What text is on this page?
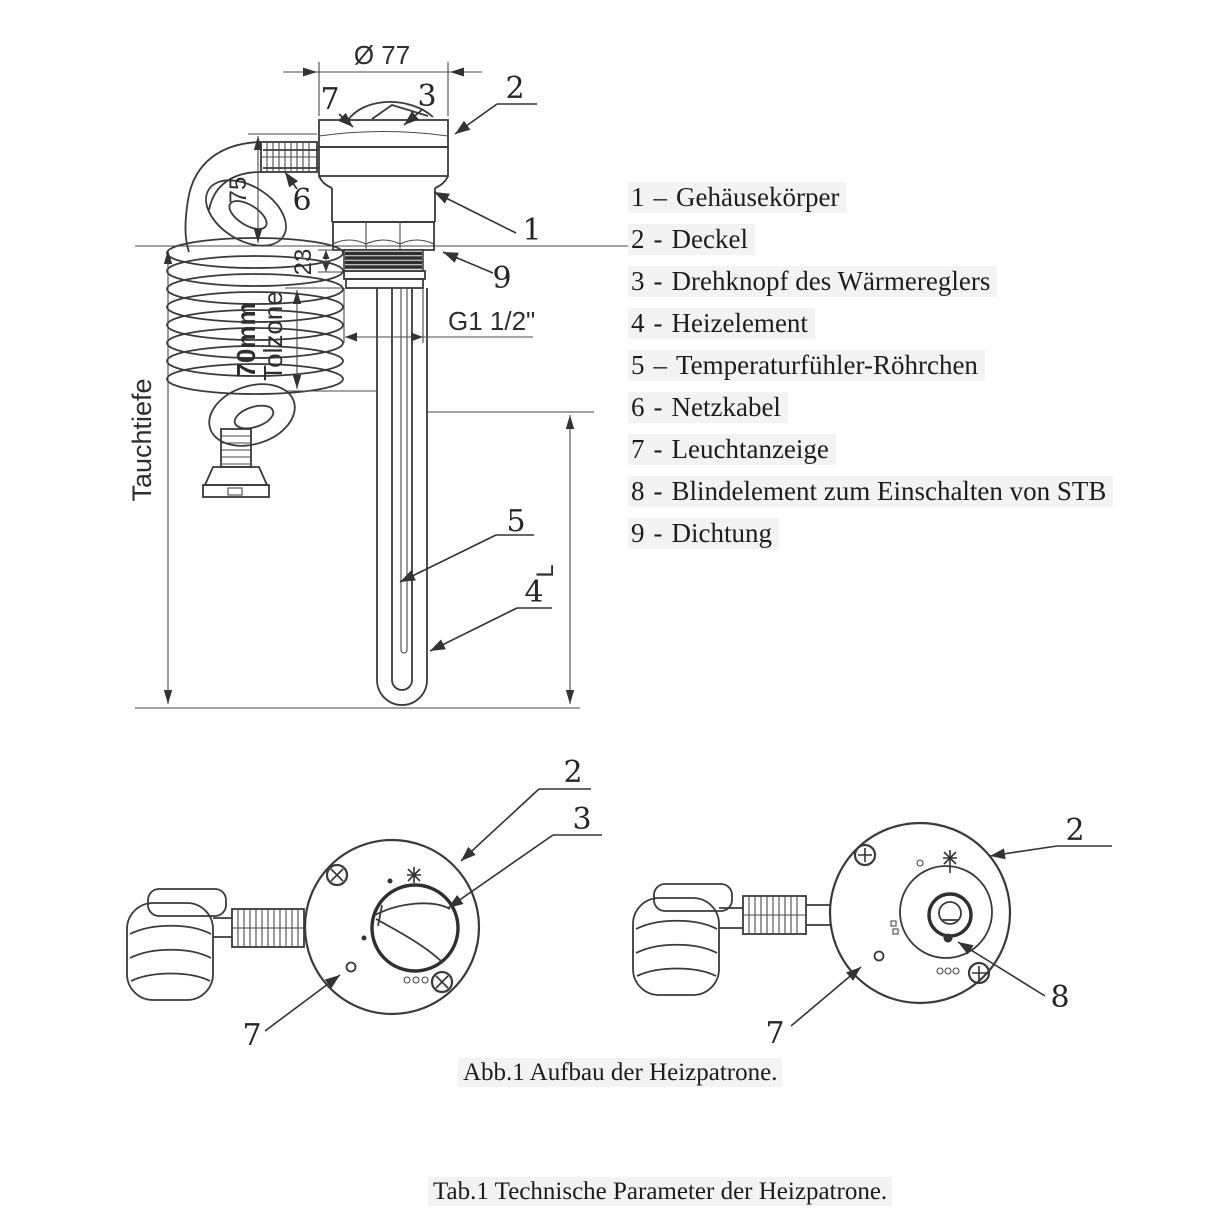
Ø 77
75
Tauchtiefe
70mm
Tolzone
23
G1 1/2"
L
7	3 2
6
1
9
5
4
2
3
7
2
8
7
1 – Gehäusekörper
2 - Deckel
3 - Drehknopf des Wärmereglers
4 - Heizelement
5 – Temperaturfühler-Röhrchen
6 - Netzkabel
7 - Leuchtanzeige
8 - Blindelement zum Einschalten von STB
9 - Dichtung
Abb.1 Aufbau der Heizpatrone.
Tab.1 Technische Parameter der Heizpatrone.
